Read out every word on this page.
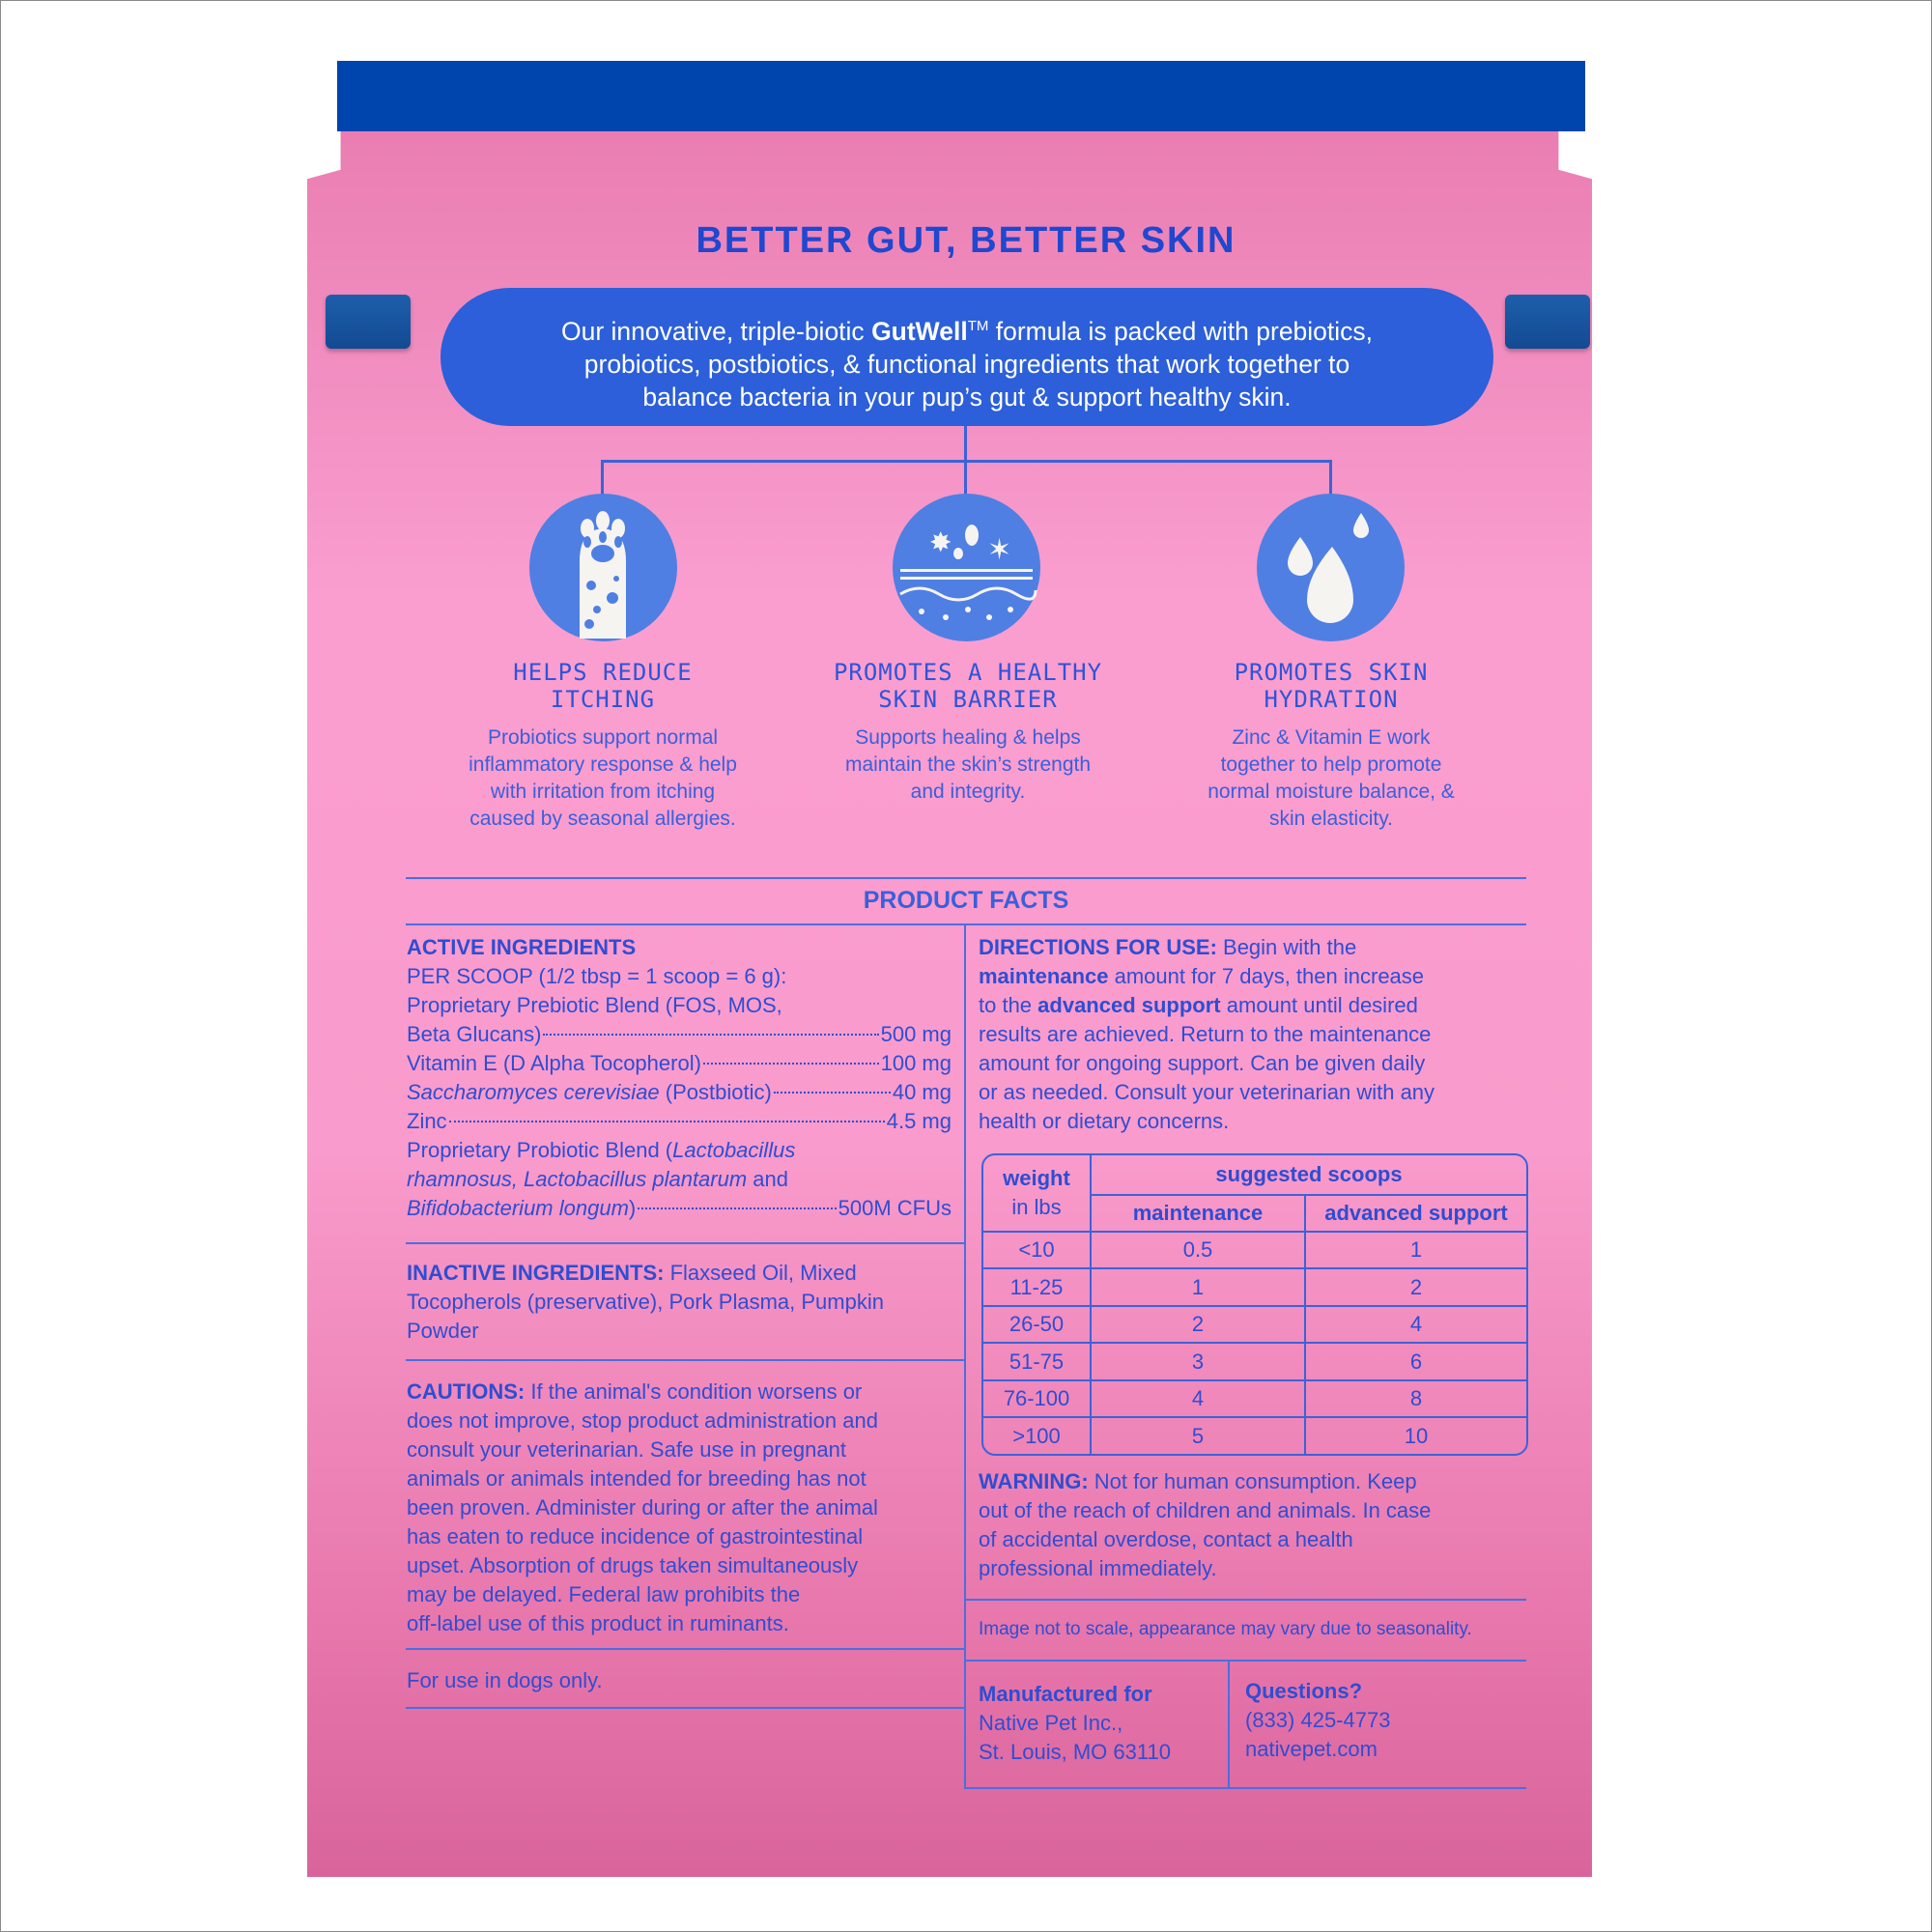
BETTER GUT, BETTER SKIN
Our innovative, triple-biotic GutWell™ formula is packed with prebiotics,
probiotics, postbiotics, & functional ingredients that work together to
balance bacteria in your pup’s gut & support healthy skin.
✸ ✶
HELPS REDUCE
ITCHING
Probiotics support normal
inflammatory response & help
with irritation from itching
caused by seasonal allergies.
PROMOTES A HEALTHY
SKIN BARRIER
Supports healing & helps
maintain the skin’s strength
and integrity.
PROMOTES SKIN
HYDRATION
Zinc & Vitamin E work
together to help promote
normal moisture balance, &
skin elasticity.
PRODUCT FACTS
ACTIVE INGREDIENTS
PER SCOOP (1/2 tbsp = 1 scoop = 6 g):
Proprietary Prebiotic Blend (FOS, MOS,
Beta Glucans)	500 mg
Vitamin E (D Alpha Tocopherol)	100 mg
Saccharomyces cerevisiae (Postbiotic)	40 mg
Zinc	4.5 mg
Proprietary Probiotic Blend (Lactobacillus
rhamnosus, Lactobacillus plantarum and
Bifidobacterium longum)	500M CFUs
INACTIVE INGREDIENTS: Flaxseed Oil, Mixed
Tocopherols (preservative), Pork Plasma, Pumpkin
Powder
CAUTIONS: If the animal's condition worsens or
does not improve, stop product administration and
consult your veterinarian. Safe use in pregnant
animals or animals intended for breeding has not
been proven. Administer during or after the animal
has eaten to reduce incidence of gastrointestinal
upset. Absorption of drugs taken simultaneously
may be delayed. Federal law prohibits the
off-label use of this product in ruminants.
For use in dogs only.
DIRECTIONS FOR USE: Begin with the
maintenance amount for 7 days, then increase
to the advanced support amount until desired
results are achieved. Return to the maintenance
amount for ongoing support. Can be given daily
or as needed. Consult your veterinarian with any
health or dietary concerns.
weight
in lbs	suggested scoops	
	maintenance	advanced support
<10	0.5	1
11-25	1	2
26-50	2	4
51-75	3	6
76-100	4	8
>100	5	10
WARNING: Not for human consumption. Keep
out of the reach of children and animals. In case
of accidental overdose, contact a health
professional immediately.
Image not to scale, appearance may vary due to seasonality.
Manufactured for
Native Pet Inc.,
St. Louis, MO 63110
Questions?
(833) 425-4773
nativepet.com
